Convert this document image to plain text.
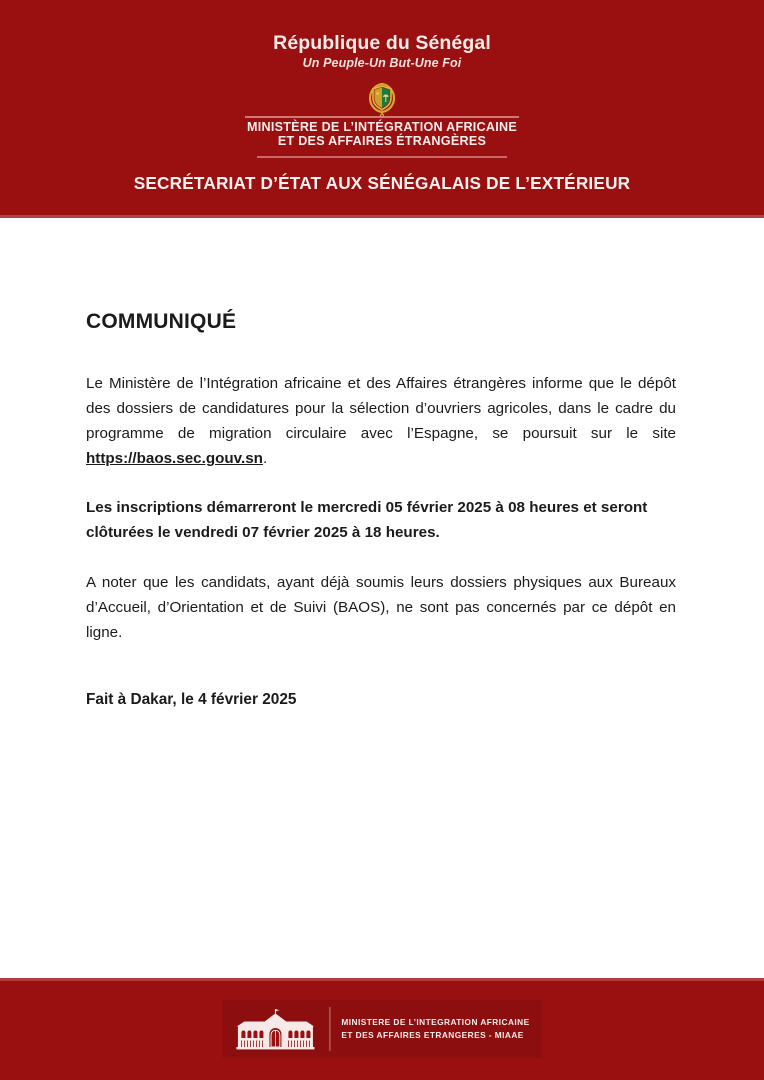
République du Sénégal
Un Peuple-Un But-Une Foi
MINISTÈRE DE L’INTÉGRATION AFRICAINE
ET DES AFFAIRES ÉTRANGÈRES
SECRÉTARIAT D’ÉTAT AUX SÉNÉGALAIS DE L’EXTÉRIEUR
COMMUNIQUÉ

Le Ministère de l’Intégration africaine et des Affaires étrangères informe que le dépôt des dossiers de candidatures pour la sélection d’ouvriers agricoles, dans le cadre du programme de migration circulaire avec l’Espagne, se poursuit sur le site https://baos.sec.gouv.sn.

Les inscriptions démarreront le mercredi 05 février 2025 à 08 heures et seront clôturées le vendredi 07 février 2025 à 18 heures.

A noter que les candidats, ayant déjà soumis leurs dossiers physiques aux Bureaux d’Accueil, d’Orientation et de Suivi (BAOS), ne sont pas concernés par ce dépôt en ligne.

Fait à Dakar, le 4 février 2025
MINISTERE DE L’INTEGRATION AFRICAINE
ET DES AFFAIRES ETRANGERES - MIAAE
